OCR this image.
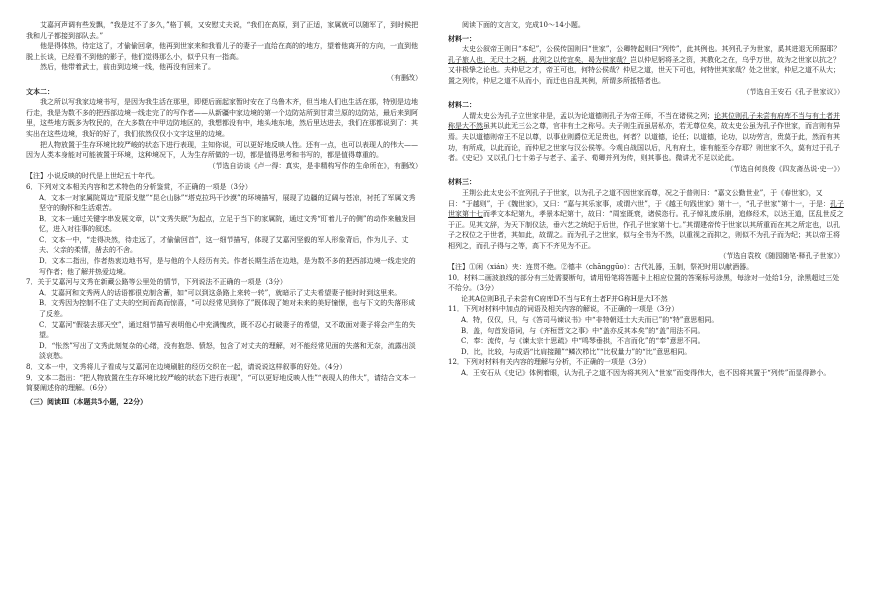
艾嘉河声调有些发飘，“我是过不了多久，”格丁顿，又安慰丈夫说，“我们在高原，到了正适，家属就可以随军了，到时候把我和儿子都接到部队去。”

他是得体热，待定这了，才偷偷回拿，他再到世家来和我看儿子的妻子一直给在高的的地方，望着他离开的方向，一直到他脱上长谈，已经看不到他的影子，他们觉得那么小，似乎只有一指高。

然后，他带着武士，前由到边境一线，他再没有回来了。

（有删改）

文本二：

我之所以写我家边境书写，是因为我生活在那里，即便后面起家暂时安在了乌鲁木齐，但当地人们也生活在那，特别是边地行走，我是为数不多的把西部边境一线走完了的写作者——从新疆中家边境的第一个边防站所到甘肃兰原的边防站，最后来到阿里，这些地方既多为牧民的，在大多数在中甲边防地区的，我想都没有中，地头地东地，然后里达进去，我们在那都说到了：其实出在这些边境，我好的好了，我们依然仅仅小文字这里的边境。

把人物放置于生存环境比较严峻的状态下进行表现，主知你说，可以更好地反映人性。还有一点，也可以表现人的伟大——因为人类本身能对可能被置于环境，这种境况下，人为生存所做的一切，都是值得思考和书写的，都是值得尊重的。

（节选自访谈《卢一得：真实，是非精构写作的生命所在》，有删改）

【注】小说反映的时代是上世纪五十年代。

6．下列对文本相关内容和艺术特色的分析鉴赏，不正确的一项是（3分）

A．文本一对家属院周边“荒原戈壁”“昆仑山脉”“塔克拉玛干沙漠”的环境描写，展现了边疆的辽阔与苍凉，衬托了军属文秀坚守的胸怀和生活艰苦。

B．文本一通过关键字串发展文章，以“文秀失眠”为起点，立足于当下的家属院，通过文秀“盯着儿子的侧”的动作来触发回忆，进入对往事的叙述。

C．文本一中，“走得决然，待走远了，才偷偷回首”，这一细节描写，体现了艾嘉河坚毅的军人形象背后，作为儿子、丈夫、父亲的柔情，凿去的不舍。

D．文本二指出，作者热衷边地书写，是与他的个人经历有关。作者长期生活在边地，是为数不多的把西部边境一线走完的写作者；他了解并热爱边境。

7．关于艾嘉河与文秀在新藏公路等公里处的情节，下列说法不正确的一项是（3分）

A．艾嘉河和文秀两人的话语都很克制含蓄，如“可以到这条路上来转一转”，就暗示了丈夫希望妻子能时时到这里来。

B．文秀因为控制不住了丈夫的空间而高而惊喜，“可以经常见到你了”既体现了她对未来的美好憧憬，也与下文的失落形成了反差。

C．艾嘉河“假装去那天空”，通过细节描写表明他心中充满愧疚，既不忍心打破妻子的希望，又不敢面对妻子将会产生的失望。

D．“怅然”写出了文秀此刻复杂的心绪，没有抱怨、愤怒，包含了对丈夫的理解，对不能经常见面的失落和无奈，流露出淡淡哀愁。

8．文本一中，文秀将儿子看成与艾嘉河在边境刷脏的经历交织在一起，请说说这样叙事的好处。（4分）

9．文本二指出：“把人物放置在生存环境比较严峻的状态下进行表现”，“可以更好地反映人性”“表现人的伟大”，请结合文本一简要阐述你的理解。（6分）

（三）阅读Ⅲ（本题共5小题，22分）

阅读下面的文言文，完成10～14小题。

材料一：

太史公叙帝王则曰“本纪”，公侯传国则曰“世家”，公卿特起则曰“列传”，此其例也。其列孔子为世家，奚其进退无所据耶？孔子旅人也，无尺土之柄，此列之以传宜矣，曷为世家哉？岂以仲尼躬将圣之资，其教化之在，乌乎万世，故为之世家以抗之？又非极挚之论也。夫仲尼之才，帝王可也，何特公侯哉？仲尼之道，世天下可也，何特世其家哉？处之世家，仲尼之道不从大；置之列传，仲尼之道不从而小，而迁也自乱其例，所谓多所抵牾者也。

（节选自王安石《孔子世家议》）

材料二：

人谓太史公为孔子立世家非是，孟以为论道德则孔子为帝王师，不当在诸侯之列；论其位则孔子未尝有府库不当与有土者并称是大不然虽其以此无三公之尊，官非有土之称号。夫子则生而虽居私亦，若无尊位矣，故太史公虽为孔子作世家，而言则有异焉。夫以道德则帝王不足以尊，以事业则爵位无足贵也，何者？以道德，论任；以道德，论功，以功劳言，贵莫于此，然而有其功，有所成，以此而论，而仲尼之世家与汉公侯等。今观自战国以后，凡有府土，谁有能至今存耶？则世家不久，莫有过于孔子者。《史记》又以孔门七十弟子与老子、孟子、荀卿并列为传，则其事也。微讲尤不足以论此。

（节选自何良俊《四友斋丛说·史一》）

材料三：

王荆公此太史公不宜列孔子于世家，以为孔子之道不因世家而尊，况之于普则曰：“嘉文公勤世业”，于《春世家》，又曰：“于越则”，于《魏世家》，又曰：“嘉与其乐家事，或谓六世”，于《越王句践世家》第十一，“孔子世家”第十一，于是：孔子世家第十七而孝文本纪第九，孝景本纪第十，故曰：“周室既衰，诸侯恣行。孔子悼礼废乐崩，追修经术，以达王道，匡乱世反之于正。见其文辞，为天下制仪法，垂六艺之统纪于后世，作孔子世家第十七。”其谓建帝传于世家以其所重而在其之所定也，以孔子之权位之于世者，其如此，故谓之。而为孔子之世家，似与全书为不然，以重视之而抑之，则似不为孔子而为纪；其以帝王将相列之，而孔子得与之等，高下不齐见为不正。

（节选自袁枚《随园随笔·释孔子世家》）

【注】①闲（xián）夹：连贯不绝。②德丰（chānggūo）：古代礼器，玉制，祭祀时用以献酒器。

10．材料二画波浪线的部分有三处需要断句，请用铅笔将答题卡上相应位置的答案标号涂黑，每涂对一处给1分，涂黑超过三处不给分。（3分）

论其A位则B孔子未尝有C府库D不当与E有土者F并G称H是大I不然

11．下列对材料中加点的词语及相关内容的解说，不正确的一项是（3分）

A．特，仅仅，只，与《答司马谏议书》中“非特朝廷士大夫而已”的“特”意思相同。

B．盖，句首发语词，与《齐桓晋文之事》中“盖亦反其本矣”的“盖”用法不同。

C．奉：流传，与《谏太宗十思疏》中“鸣琴垂拱，不言而化”的“奉”意思不同。

D．比，比较，与成语“比肩接踵”“鳞次栉比”“比权量力”的“比”意思相同。

12．下列对材料有关内容的理解与分析，不正确的一项是（3分）

A．王安石从《史记》体例着眼，认为孔子之道不因为将其列入“世家”而变得伟大，也不因将其置于“列传”而显得渺小。
